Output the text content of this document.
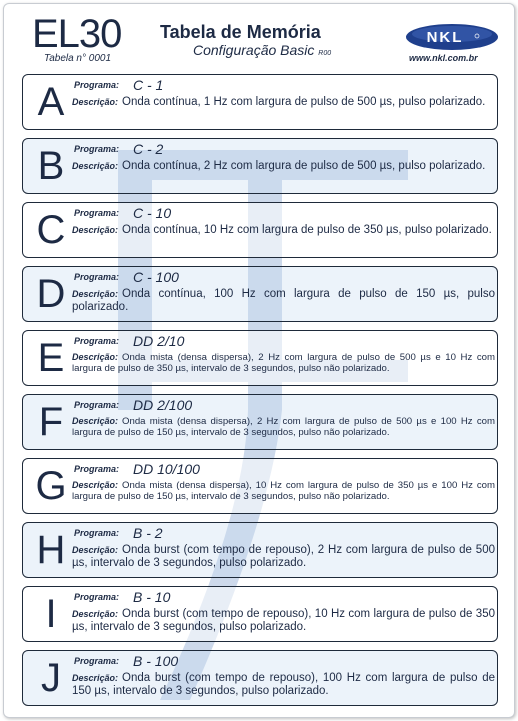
EL30
Tabela n° 0001
Tabela de Memória
Configuração Basic R00
NKL
www.nkl.com.br
A	Programa: C - 1
Descrição: Onda contínua, 1 Hz com largura de pulso de 500 µs, pulso polarizado.
B	Programa: C - 2
Descrição: Onda contínua, 2 Hz com largura de pulso de 500 µs, pulso polarizado.
C Programa: C - 10
Descrição: Onda contínua, 10 Hz com largura de pulso de 350 µs, pulso polarizado.
D Programa: C - 100
Descrição: Onda contínua, 100 Hz com largura de pulso de 150 µs, pulso polarizado.
E	Programa: DD 2/10
Descrição: Onda mista (densa dispersa), 2 Hz com largura de pulso de 500 µs e 10 Hz com largura de pulso de 350 µs, intervalo de 3 segundos, pulso não polarizado.
F	Programa: DD 2/100
Descrição: Onda mista (densa dispersa), 2 Hz com largura de pulso de 500 µs e 100 Hz com largura de pulso de 150 µs, intervalo de 3 segundos, pulso não polarizado.
G Programa: DD 10/100
Descrição: Onda mista (densa dispersa), 10 Hz com largura de pulso de 350 µs e 100 Hz com largura de pulso de 150 µs, intervalo de 3 segundos, pulso não polarizado.
H Programa: B - 2
Descrição: Onda burst (com tempo de repouso), 2 Hz com largura de pulso de 500 µs, intervalo de 3 segundos, pulso polarizado.
I	Programa: B - 10
Descrição: Onda burst (com tempo de repouso), 10 Hz com largura de pulso de 350 µs, intervalo de 3 segundos, pulso polarizado.
J	Programa: B - 100
Descrição: Onda burst (com tempo de repouso), 100 Hz com largura de pulso de 150 µs, intervalo de 3 segundos, pulso polarizado.
